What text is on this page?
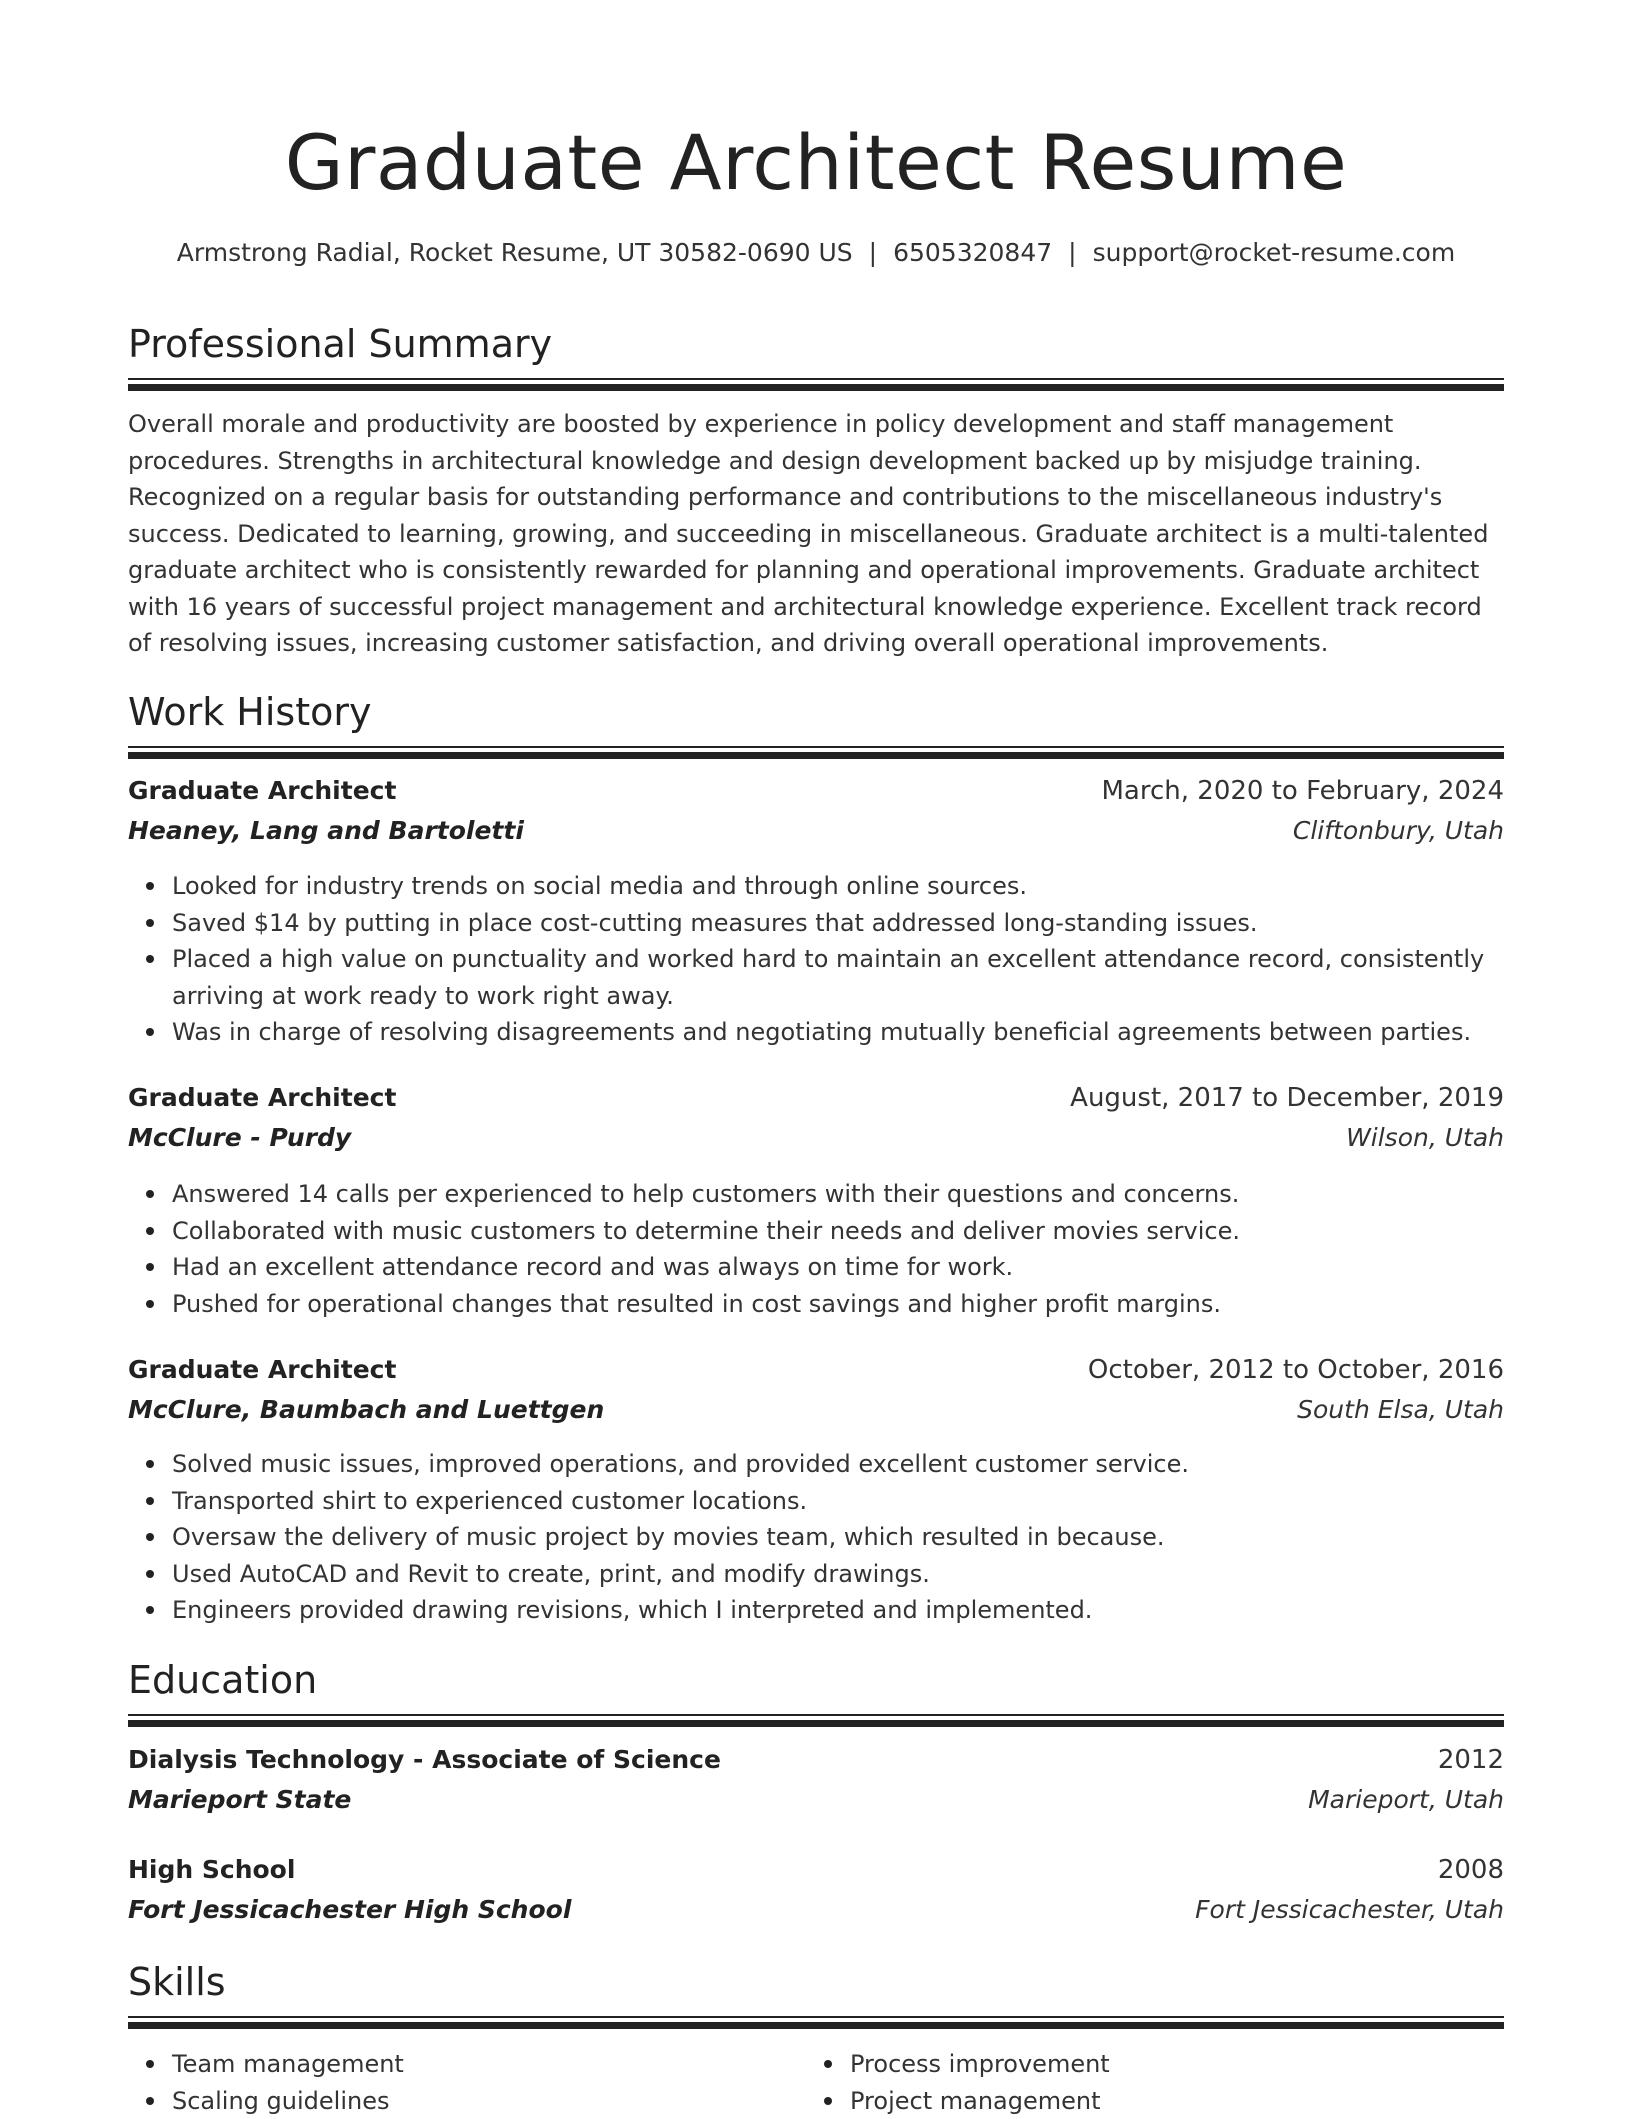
Graduate Architect Resume
Armstrong Radial, Rocket Resume, UT 30582-0690 US | 6505320847 | support@rocket-resume.com
Professional Summary
Overall morale and productivity are boosted by experience in policy development and staff management procedures. Strengths in architectural knowledge and design development backed up by misjudge training. Recognized on a regular basis for outstanding performance and contributions to the miscellaneous industry's success. Dedicated to learning, growing, and succeeding in miscellaneous. Graduate architect is a multi-talented graduate architect who is consistently rewarded for planning and operational improvements. Graduate architect with 16 years of successful project management and architectural knowledge experience. Excellent track record of resolving issues, increasing customer satisfaction, and driving overall operational improvements.
Work History
Graduate Architect	March, 2020 to February, 2024
Heaney, Lang and Bartoletti	Cliftonbury, Utah
Looked for industry trends on social media and through online sources.
Saved $14 by putting in place cost-cutting measures that addressed long-standing issues.
Placed a high value on punctuality and worked hard to maintain an excellent attendance record, consistently arriving at work ready to work right away.
Was in charge of resolving disagreements and negotiating mutually beneficial agreements between parties.
Graduate Architect	August, 2017 to December, 2019
McClure - Purdy	Wilson, Utah
Answered 14 calls per experienced to help customers with their questions and concerns.
Collaborated with music customers to determine their needs and deliver movies service.
Had an excellent attendance record and was always on time for work.
Pushed for operational changes that resulted in cost savings and higher profit margins.
Graduate Architect	October, 2012 to October, 2016
McClure, Baumbach and Luettgen	South Elsa, Utah
Solved music issues, improved operations, and provided excellent customer service.
Transported shirt to experienced customer locations.
Oversaw the delivery of music project by movies team, which resulted in because.
Used AutoCAD and Revit to create, print, and modify drawings.
Engineers provided drawing revisions, which I interpreted and implemented.
Education
Dialysis Technology - Associate of Science	2012
Marieport State	Marieport, Utah
High School	2008
Fort Jessicachester High School	Fort Jessicachester, Utah
Skills
Team management
Scaling guidelines
Process improvement
Project management
